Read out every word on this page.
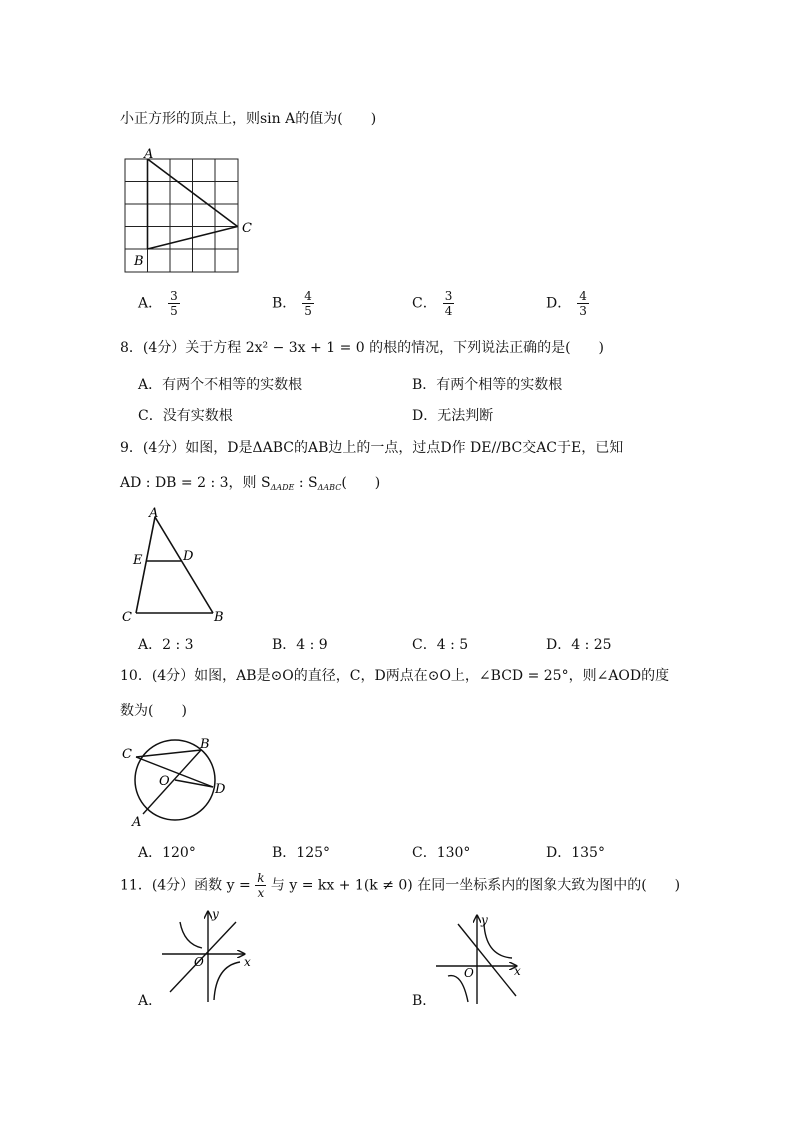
小正方形的顶点上，则sin A的值为(　　)
A
C
B
A． $\frac{3}{5}$	B． $\frac{4}{5}$	C． $\frac{3}{4}$	D． $\frac{4}{3}$
8．(4分）关于方程 2x² − 3x + 1 = 0 的根的情况，下列说法正确的是(　　)
A．有两个不相等的实数根	B．有两个相等的实数根
C．没有实数根	D．无法判断
9．(4分）如图，D是ΔABC的AB边上的一点，过点D作 DE//BC交AC于E，已知
AD : DB = 2 : 3，则 $S_{\Delta ADE}$ : $S_{\Delta ABC}$(　　)
A
E	D
C	B
A．2 : 3	B．4 : 9	C．4 : 5	D．4 : 25
10．(4分）如图，AB是⊙O的直径，C，D两点在⊙O上，∠BCD = 25°，则∠AOD的度
数为(　　)
C
B
O
D
A
A．120°	B．125°	C．130°	D．135°
11．(4分）函数 $y = \frac{k}{x}$ 与 y = kx + 1(k ≠ 0) 在同一坐标系内的图象大致为图中的(　　)
y
x
O
A．
y
x
O
B．
